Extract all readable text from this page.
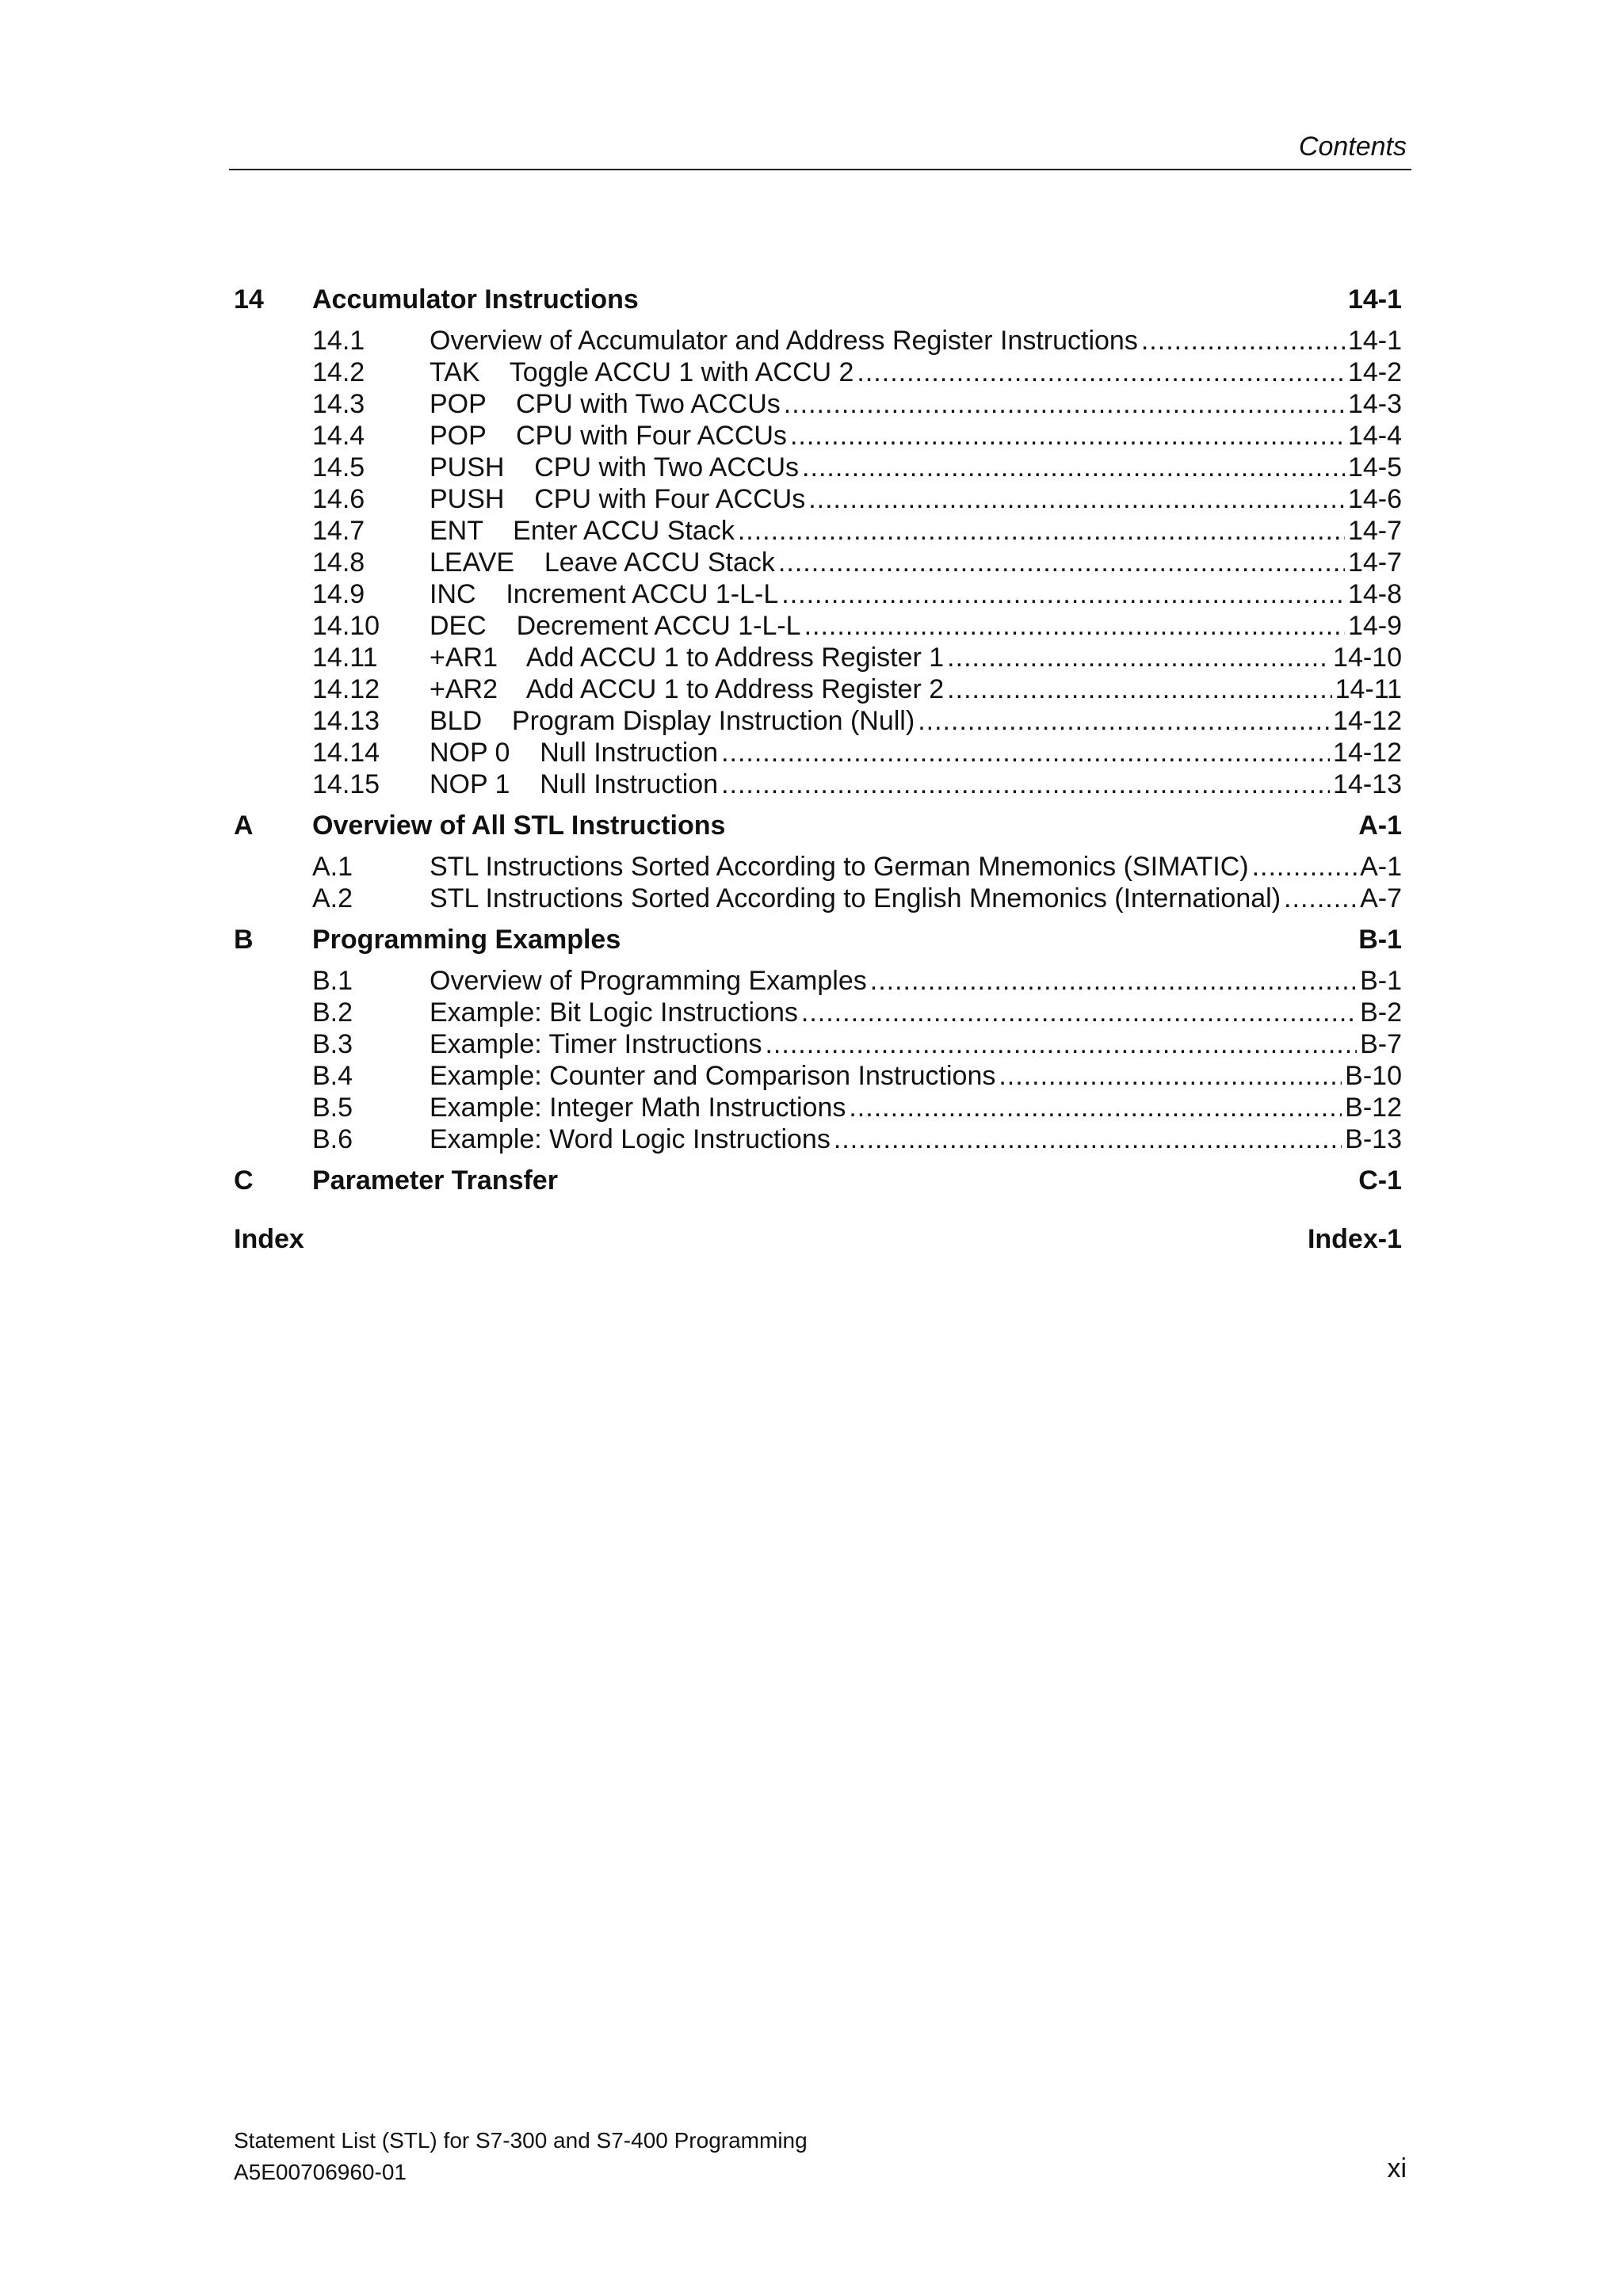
Contents
14	Accumulator Instructions	14-1
14.1	Overview of Accumulator and Address Register Instructions .....	14-1
14.2	TAK    Toggle ACCU 1 with ACCU 2 .....	14-2
14.3	POP    CPU with Two ACCUs .....	14-3
14.4	POP    CPU with Four ACCUs .....	14-4
14.5	PUSH    CPU with Two ACCUs .....	14-5
14.6	PUSH    CPU with Four ACCUs .....	14-6
14.7	ENT    Enter ACCU Stack .....	14-7
14.8	LEAVE    Leave ACCU Stack .....	14-7
14.9	INC    Increment ACCU 1-L-L .....	14-8
14.10	DEC    Decrement ACCU 1-L-L .....	14-9
14.11	+AR1    Add ACCU 1 to Address Register 1 .....	14-10
14.12	+AR2    Add ACCU 1 to Address Register 2 .....	14-11
14.13	BLD    Program Display Instruction (Null) .....	14-12
14.14	NOP 0    Null Instruction .....	14-12
14.15	NOP 1    Null Instruction .....	14-13
A	Overview of All STL Instructions	A-1
A.1	STL Instructions Sorted According to German Mnemonics (SIMATIC) .....	A-1
A.2	STL Instructions Sorted According to English Mnemonics (International) .....	A-7
B	Programming Examples	B-1
B.1	Overview of Programming Examples .....	B-1
B.2	Example: Bit Logic Instructions .....	B-2
B.3	Example: Timer Instructions .....	B-7
B.4	Example: Counter and Comparison Instructions .....	B-10
B.5	Example: Integer Math Instructions .....	B-12
B.6	Example: Word Logic Instructions .....	B-13
C	Parameter Transfer	C-1
Index	Index-1
Statement List (STL) for S7-300 and S7-400 Programming
A5E00706960-01	xi
